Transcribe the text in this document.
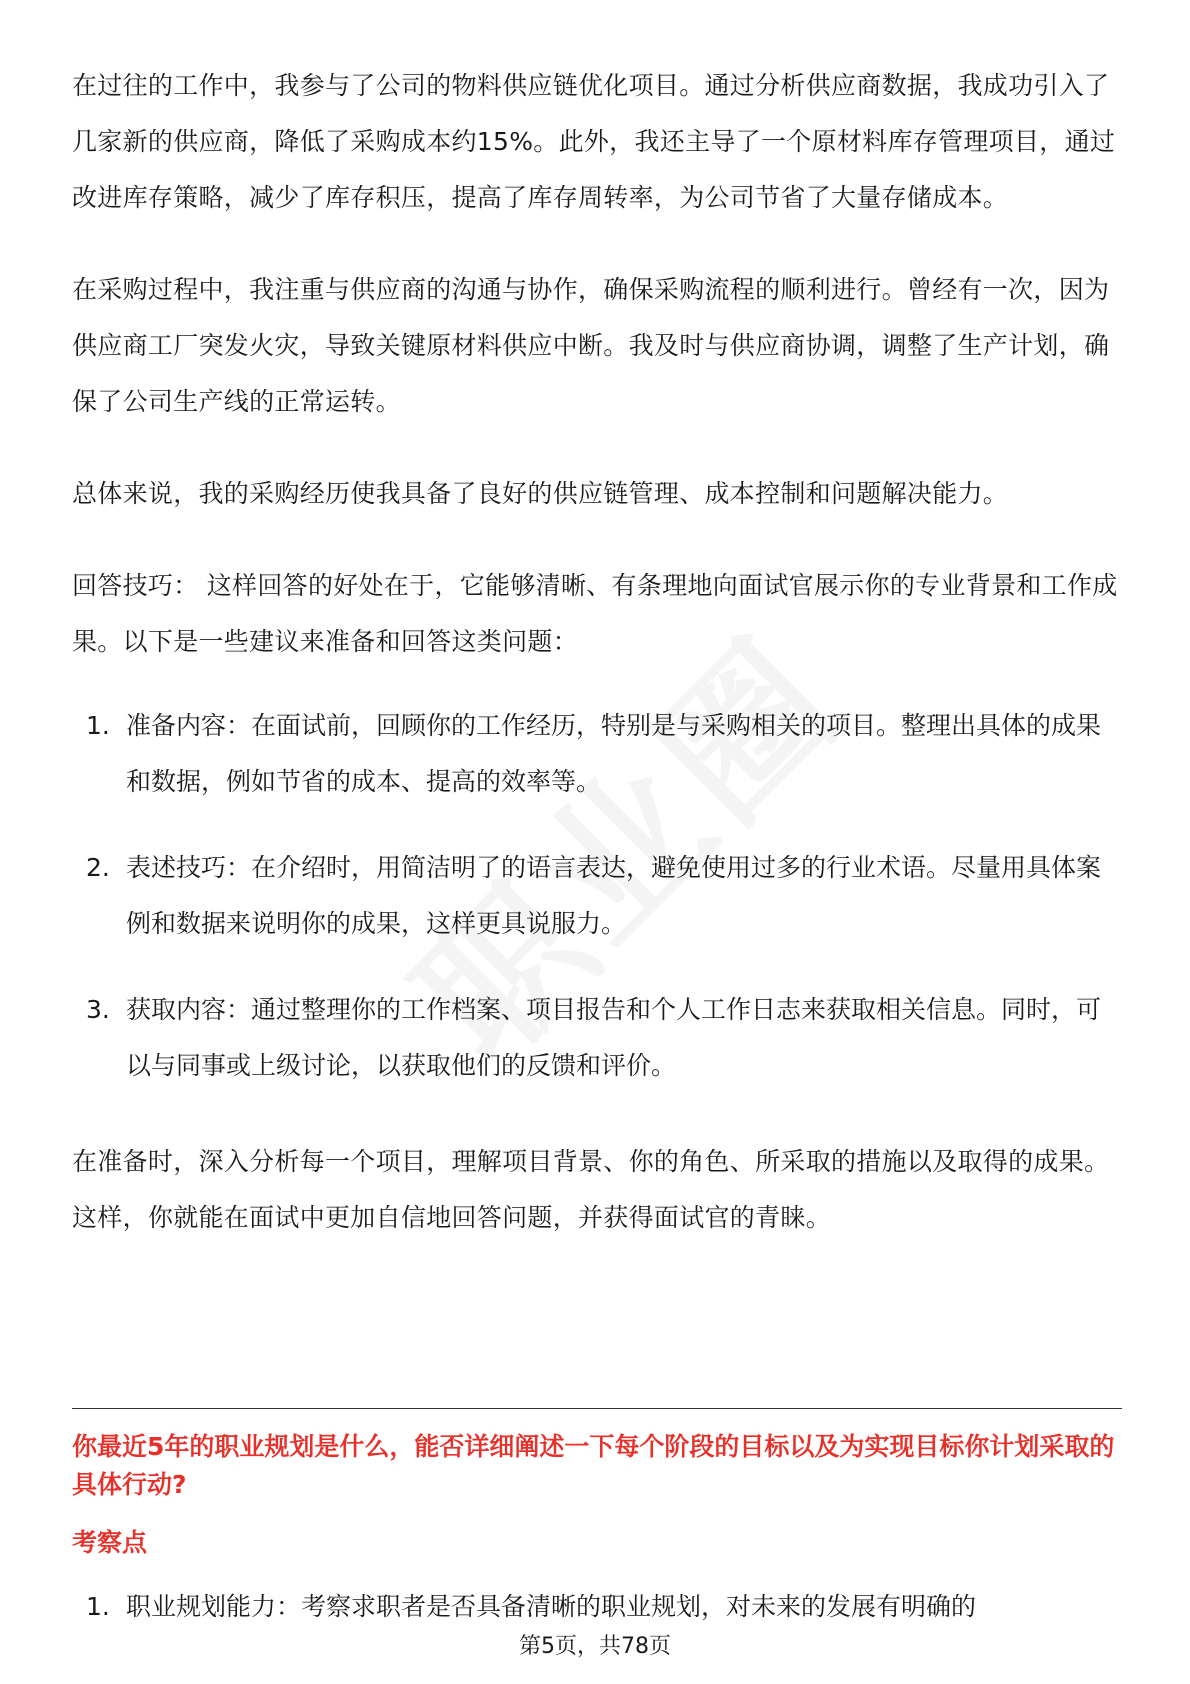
在过往的工作中，我参与了公司的物料供应链优化项目。通过分析供应商数据，我成功引入了几家新的供应商，降低了采购成本约15%。此外，我还主导了一个原材料库存管理项目，通过改进库存策略，减少了库存积压，提高了库存周转率，为公司节省了大量存储成本。

在采购过程中，我注重与供应商的沟通与协作，确保采购流程的顺利进行。曾经有一次，因为供应商工厂突发火灾，导致关键原材料供应中断。我及时与供应商协调，调整了生产计划，确保了公司生产线的正常运转。

总体来说，我的采购经历使我具备了良好的供应链管理、成本控制和问题解决能力。

回答技巧： 这样回答的好处在于，它能够清晰、有条理地向面试官展示你的专业背景和工作成果。以下是一些建议来准备和回答这类问题：

1. 准备内容：在面试前，回顾你的工作经历，特别是与采购相关的项目。整理出具体的成果和数据，例如节省的成本、提高的效率等。
2. 表述技巧：在介绍时，用简洁明了的语言表达，避免使用过多的行业术语。尽量用具体案例和数据来说明你的成果，这样更具说服力。
3. 获取内容：通过整理你的工作档案、项目报告和个人工作日志来获取相关信息。同时，可以与同事或上级讨论，以获取他们的反馈和评价。

在准备时，深入分析每一个项目，理解项目背景、你的角色、所采取的措施以及取得的成果。这样，你就能在面试中更加自信地回答问题，并获得面试官的青睐。

你最近5年的职业规划是什么，能否详细阐述一下每个阶段的目标以及为实现目标你计划采取的具体行动?

考察点

1. 职业规划能力：考察求职者是否具备清晰的职业规划，对未来的发展有明确的

第5页，共78页
